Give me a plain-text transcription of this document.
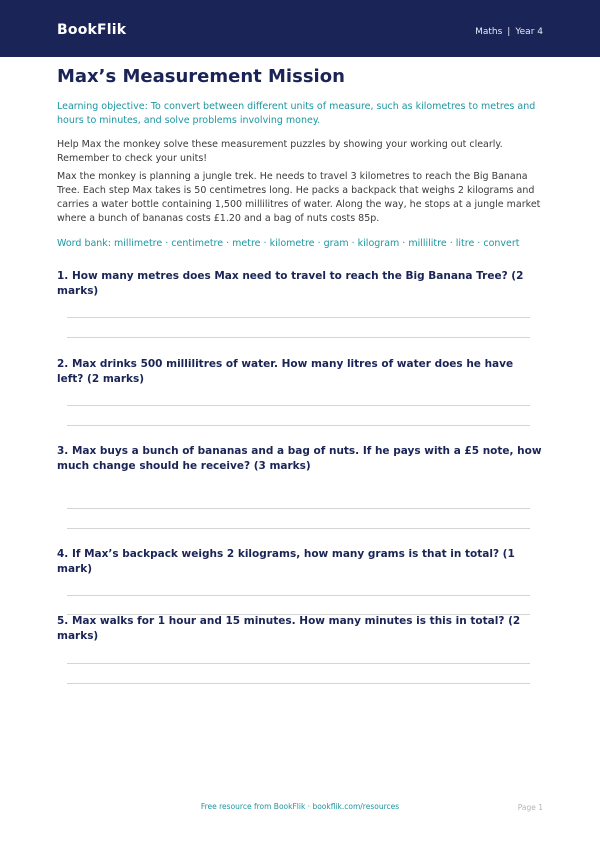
BookFlik	Maths | Year 4
Max’s Measurement Mission

Learning objective: To convert between different units of measure, such as kilometres to metres and hours to minutes, and solve problems involving money.

Help Max the monkey solve these measurement puzzles by showing your working out clearly. Remember to check your units!

Max the monkey is planning a jungle trek. He needs to travel 3 kilometres to reach the Big Banana Tree. Each step Max takes is 50 centimetres long. He packs a backpack that weighs 2 kilograms and carries a water bottle containing 1,500 millilitres of water. Along the way, he stops at a jungle market where a bunch of bananas costs £1.20 and a bag of nuts costs 85p.

Word bank: millimetre · centimetre · metre · kilometre · gram · kilogram · millilitre · litre · convert

1. How many metres does Max need to travel to reach the Big Banana Tree? (2 marks)

2. Max drinks 500 millilitres of water. How many litres of water does he have left? (2 marks)

3. Max buys a bunch of bananas and a bag of nuts. If he pays with a £5 note, how much change should he receive? (3 marks)

4. If Max’s backpack weighs 2 kilograms, how many grams is that in total? (1 mark)

5. Max walks for 1 hour and 15 minutes. How many minutes is this in total? (2 marks)

Free resource from BookFlik · bookflik.com/resources	Page 1
